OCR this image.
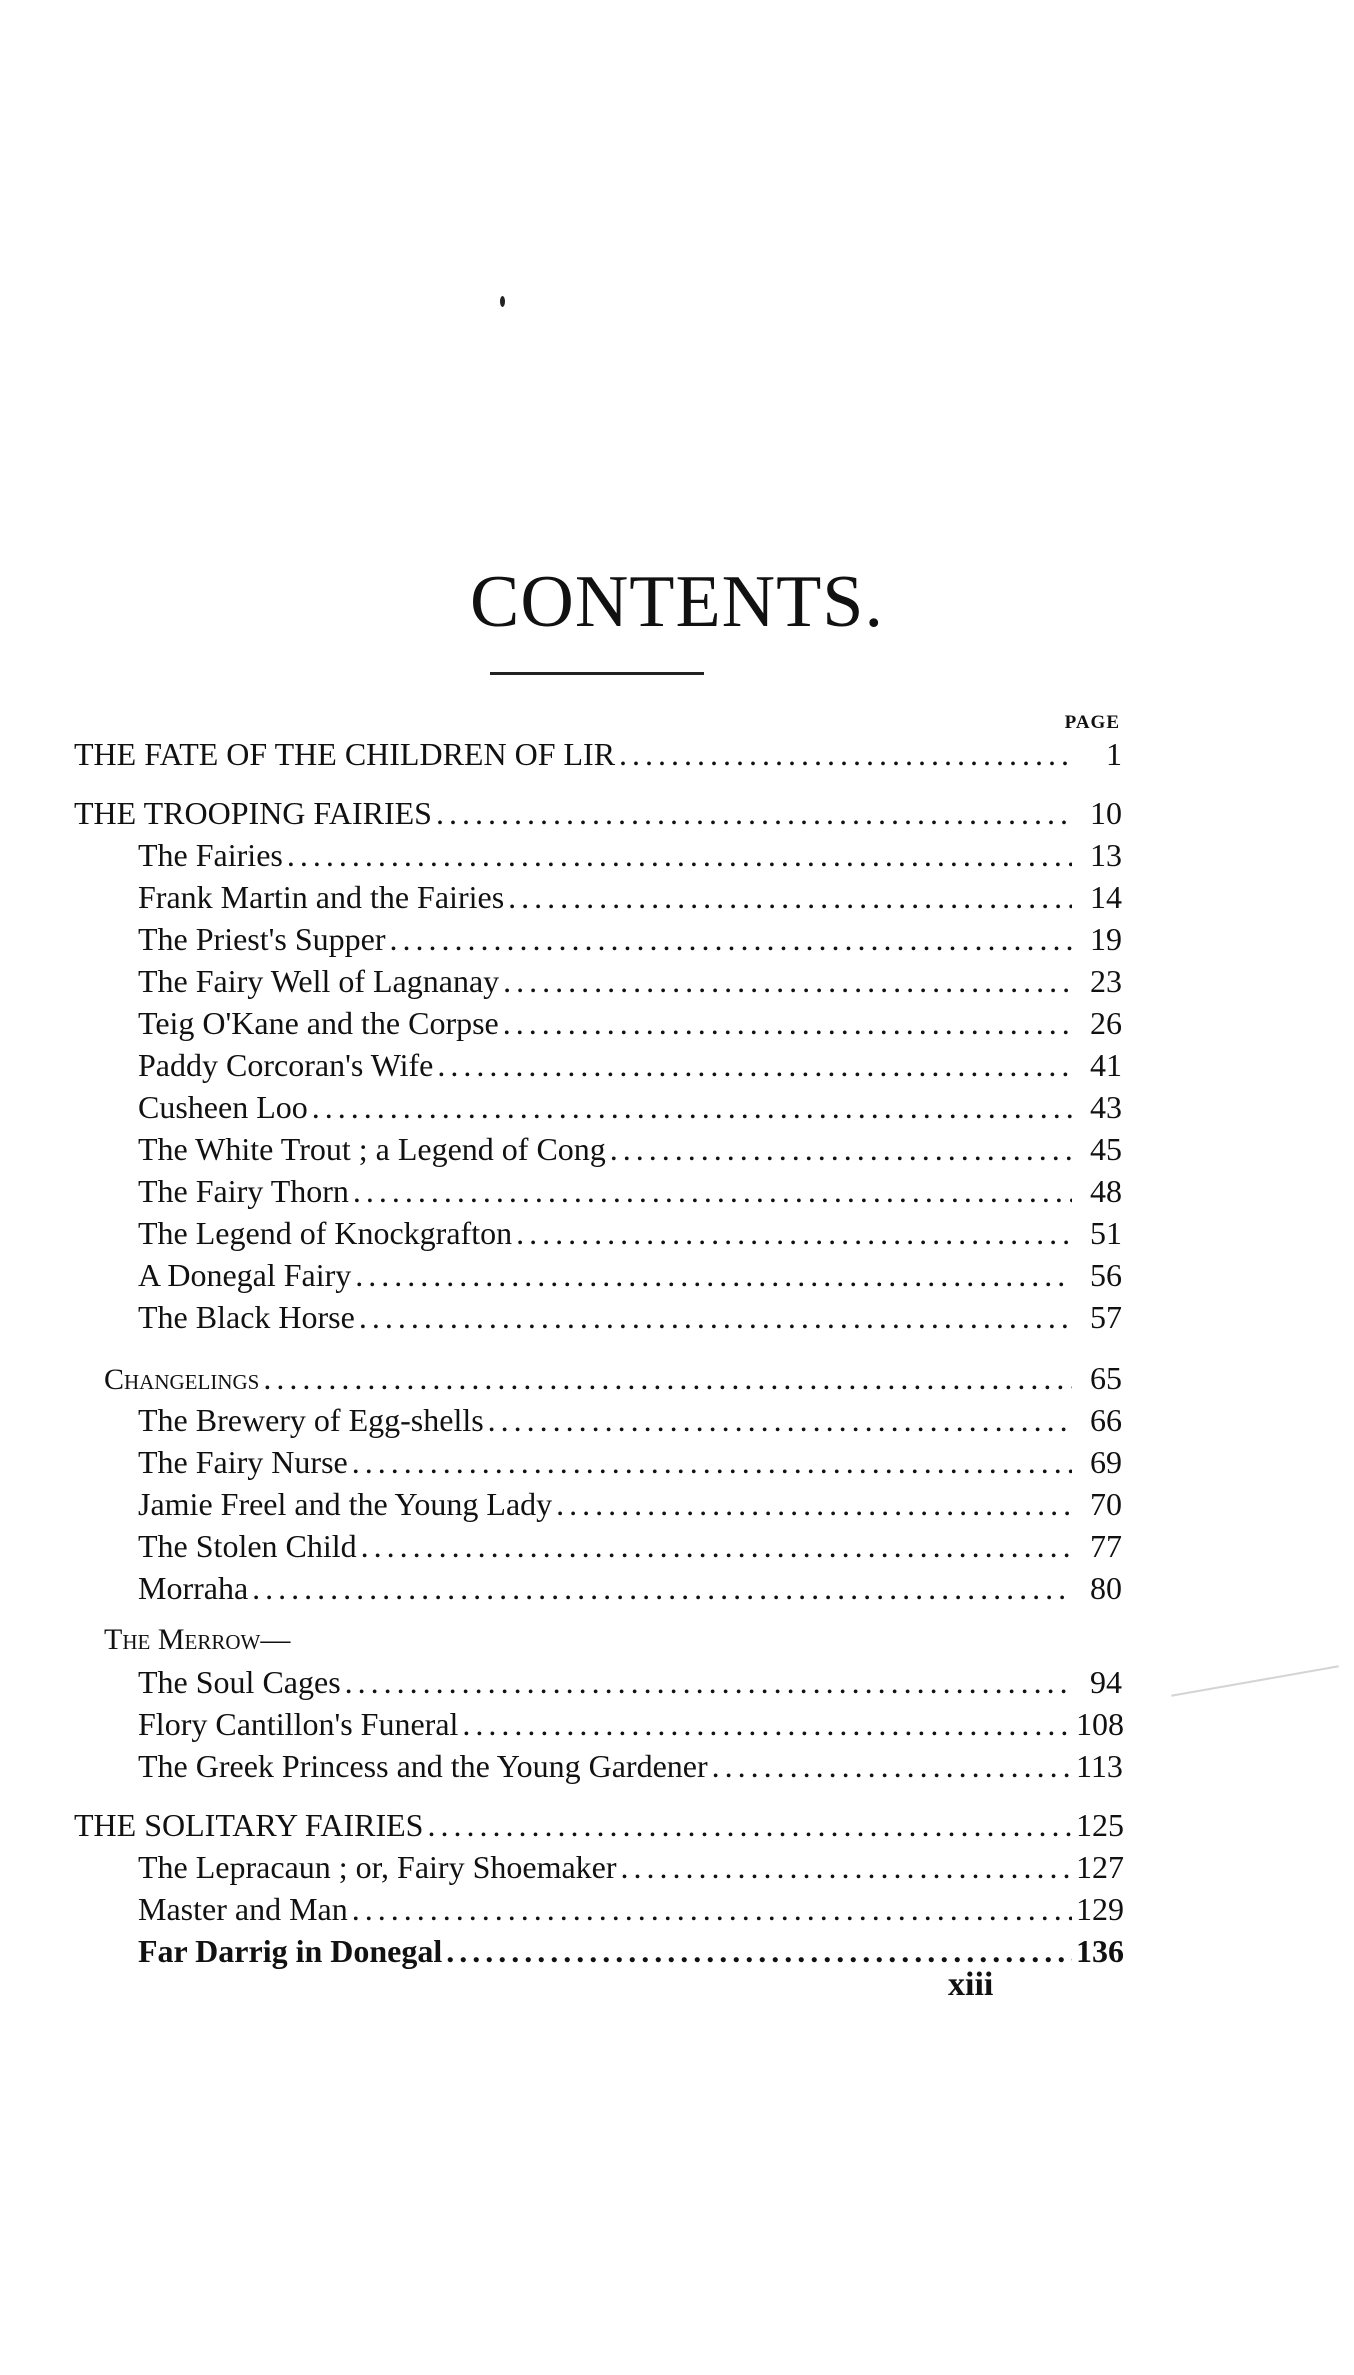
CONTENTS.
PAGE
THE FATE OF THE CHILDREN OF LIR .....	1
THE TROOPING FAIRIES .....	10
The Fairies .....	13
Frank Martin and the Fairies .....	14
The Priest's Supper .....	19
The Fairy Well of Lagnanay .....	23
Teig O'Kane and the Corpse .....	26
Paddy Corcoran's Wife .....	41
Cusheen Loo .....	43
The White Trout ; a Legend of Cong .....	45
The Fairy Thorn .....	48
The Legend of Knockgrafton .....	51
A Donegal Fairy .....	56
The Black Horse .....	57
Changelings .....	65
The Brewery of Egg-shells .....	66
The Fairy Nurse .....	69
Jamie Freel and the Young Lady .....	70
The Stolen Child .....	77
Morraha .....	80
The Merrow—
The Soul Cages .....	94
Flory Cantillon's Funeral .....	108
The Greek Princess and the Young Gardener .....	113
THE SOLITARY FAIRIES .....	125
The Lepracaun ; or, Fairy Shoemaker .....	127
Master and Man .....	129
Far Darrig in Donegal .....	136
xiii
